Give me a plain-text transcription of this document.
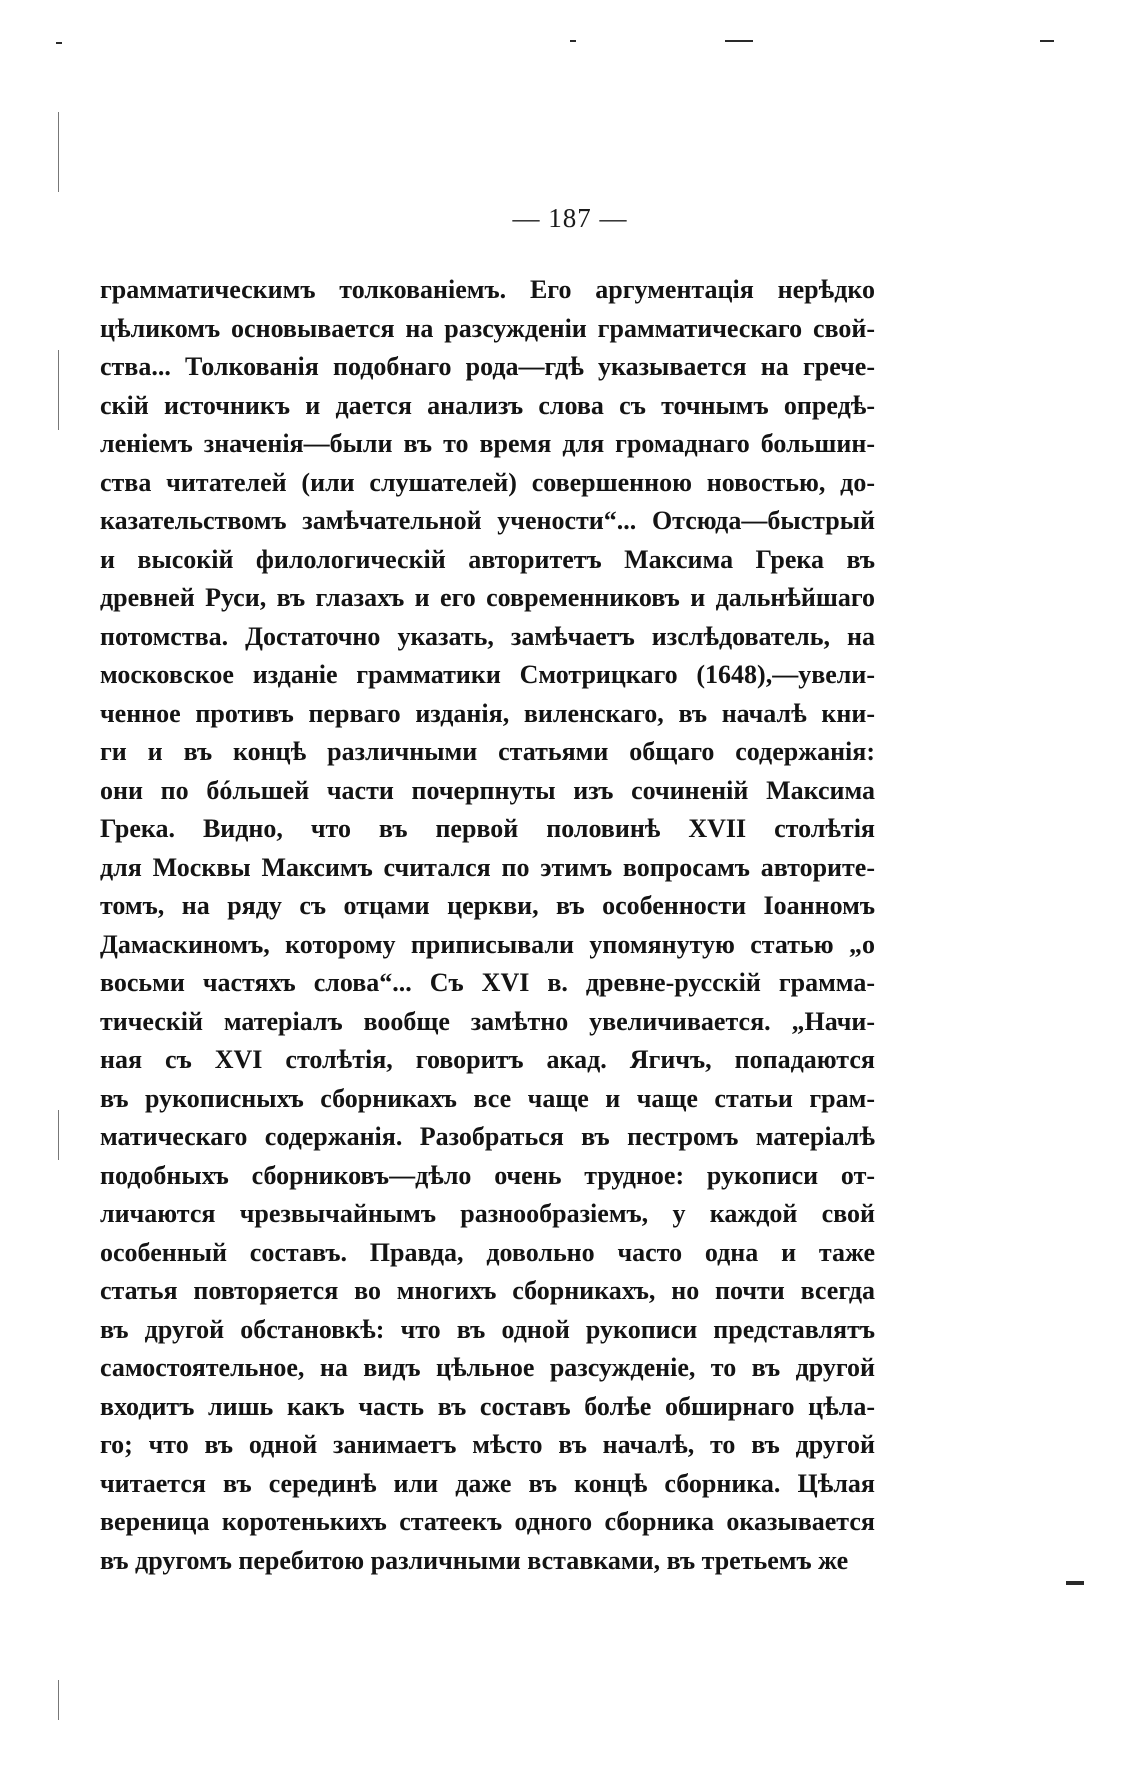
— 187 —
грамматическимъ толкованіемъ. Его аргументація нерѣдко
цѣликомъ основывается на разсужденіи грамматическаго свой-
ства... Толкованія подобнаго рода—гдѣ указывается на грече-
скій источникъ и дается анализъ слова съ точнымъ опредѣ-
леніемъ значенія—были въ то время для громаднаго большин-
ства читателей (или слушателей) совершенною новостью, до-
казательствомъ замѣчательной учености“... Отсюда—быстрый
и высокій филологическій авторитетъ Максима Грека въ
древней Руси, въ глазахъ и его современниковъ и дальнѣйшаго
потомства. Достаточно указать, замѣчаетъ изслѣдователь, на
московское изданіе грамматики Смотрицкаго (1648),—увели-
ченное противъ перваго изданія, виленскаго, въ началѣ кни-
ги и въ концѣ различными статьями общаго содержанія:
они по бóльшей части почерпнуты изъ сочиненій Максима
Грека. Видно, что въ первой половинѣ XVII столѣтія
для Москвы Максимъ считался по этимъ вопросамъ авторите-
томъ, на ряду съ отцами церкви, въ особенности Іоанномъ
Дамаскиномъ, которому приписывали упомянутую статью „о
восьми частяхъ слова“... Съ XVI в. древне-русскій грамма-
тическій матеріалъ вообще замѣтно увеличивается. „Начи-
ная съ XVI столѣтія, говоритъ акад. Ягичъ, попадаются
въ рукописныхъ сборникахъ все чаще и чаще статьи грам-
матическаго содержанія. Разобраться въ пестромъ матеріалѣ
подобныхъ сборниковъ—дѣло очень трудное: рукописи от-
личаются чрезвычайнымъ разнообразіемъ, у каждой свой
особенный составъ. Правда, довольно часто одна и таже
статья повторяется во многихъ сборникахъ, но почти всегда
въ другой обстановкѣ: что въ одной рукописи представлятъ
самостоятельное, на видъ цѣльное разсужденіе, то въ другой
входитъ лишь какъ часть въ составъ болѣе обширнаго цѣла-
го; что въ одной занимаетъ мѣсто въ началѣ, то въ другой
читается въ серединѣ или даже въ концѣ сборника. Цѣлая
вереница коротенькихъ статеекъ одного сборника оказывается
въ другомъ перебитою различными вставками, въ третьемъ же
